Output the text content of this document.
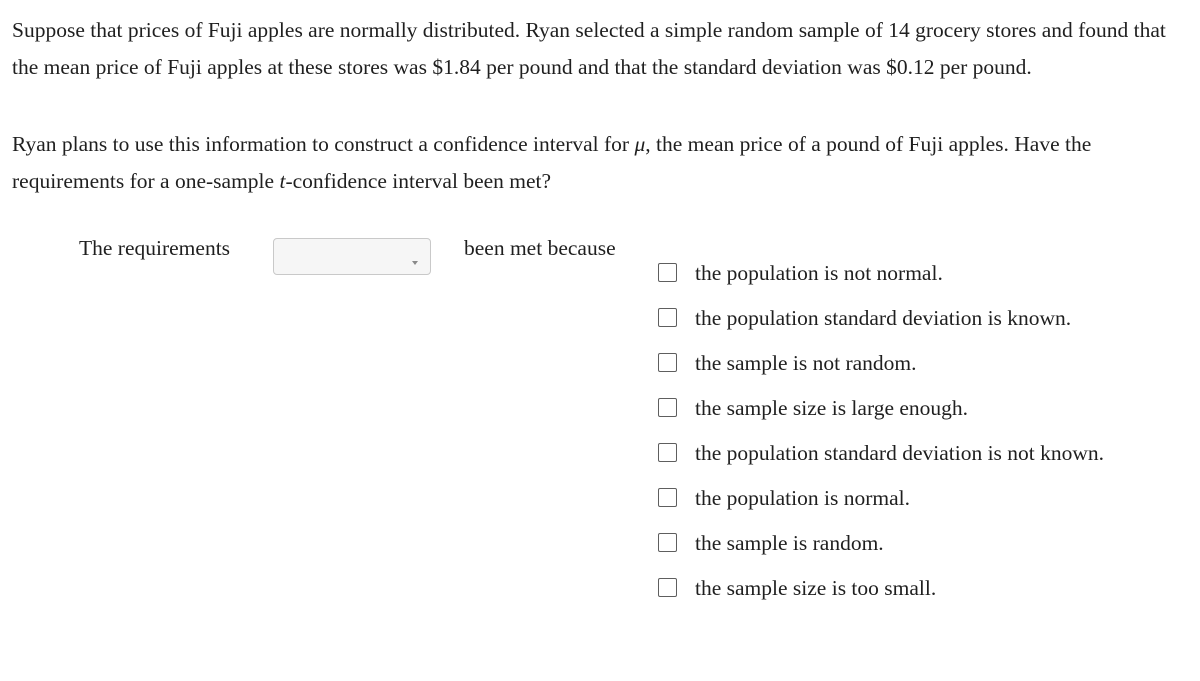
Suppose that prices of Fuji apples are normally distributed. Ryan selected a simple random sample of 14 grocery stores and found that the mean price of Fuji apples at these stores was $1.84 per pound and that the standard deviation was $0.12 per pound.

Ryan plans to use this information to construct a confidence interval for μ, the mean price of a pound of Fuji apples. Have the requirements for a one-sample t-confidence interval been met?

The requirements	been met because
the population is not normal.
the population standard deviation is known.
the sample is not random.
the sample size is large enough.
the population standard deviation is not known.
the population is normal.
the sample is random.
the sample size is too small.
